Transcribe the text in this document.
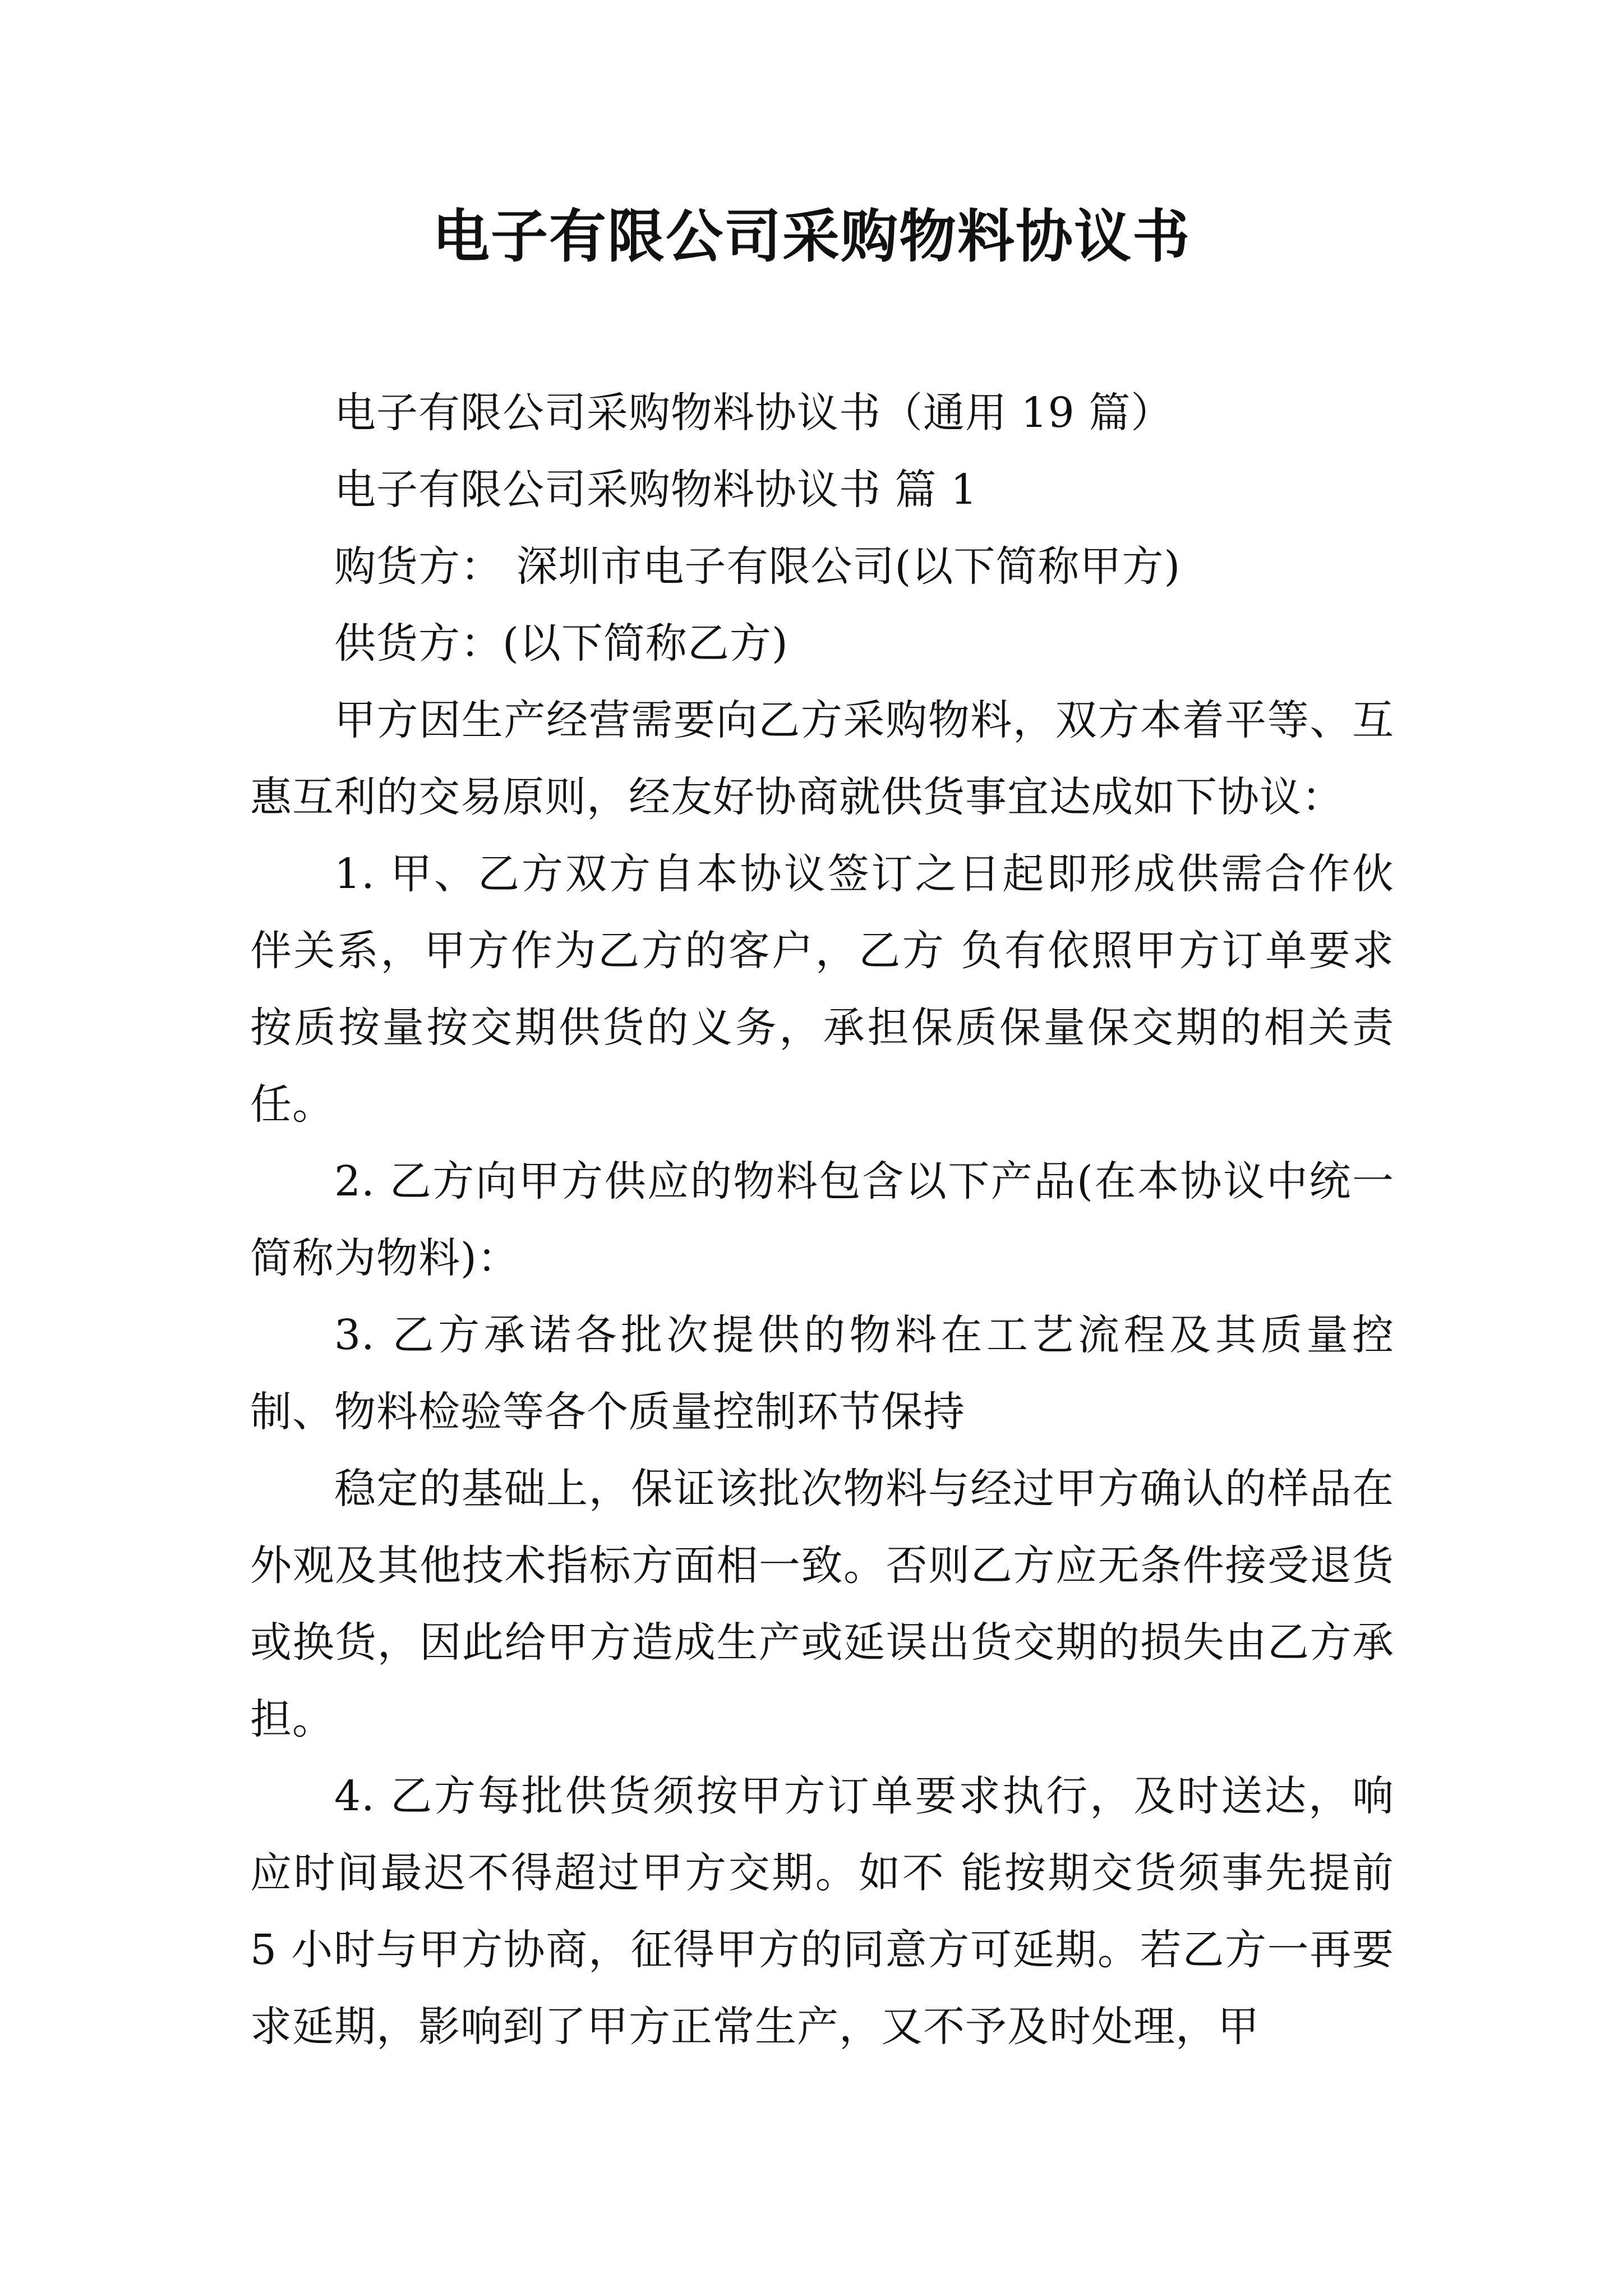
电子有限公司采购物料协议书

电子有限公司采购物料协议书（通用 19 篇）

电子有限公司采购物料协议书 篇 1

购货方： 深圳市电子有限公司(以下简称甲方)

供货方：(以下简称乙方)

甲方因生产经营需要向乙方采购物料，双方本着平等、互惠互利的交易原则，经友好协商就供货事宜达成如下协议：

1. 甲、乙方双方自本协议签订之日起即形成供需合作伙伴关系，甲方作为乙方的客户，乙方 负有依照甲方订单要求按质按量按交期供货的义务，承担保质保量保交期的相关责任。

2. 乙方向甲方供应的物料包含以下产品(在本协议中统一简称为物料)：

3. 乙方承诺各批次提供的物料在工艺流程及其质量控制、物料检验等各个质量控制环节保持

稳定的基础上，保证该批次物料与经过甲方确认的样品在外观及其他技术指标方面相一致。否则乙方应无条件接受退货或换货，因此给甲方造成生产或延误出货交期的损失由乙方承担。

4. 乙方每批供货须按甲方订单要求执行，及时送达，响应时间最迟不得超过甲方交期。如不 能按期交货须事先提前 5 小时与甲方协商，征得甲方的同意方可延期。若乙方一再要求延期，影响到了甲方正常生产，又不予及时处理，甲
